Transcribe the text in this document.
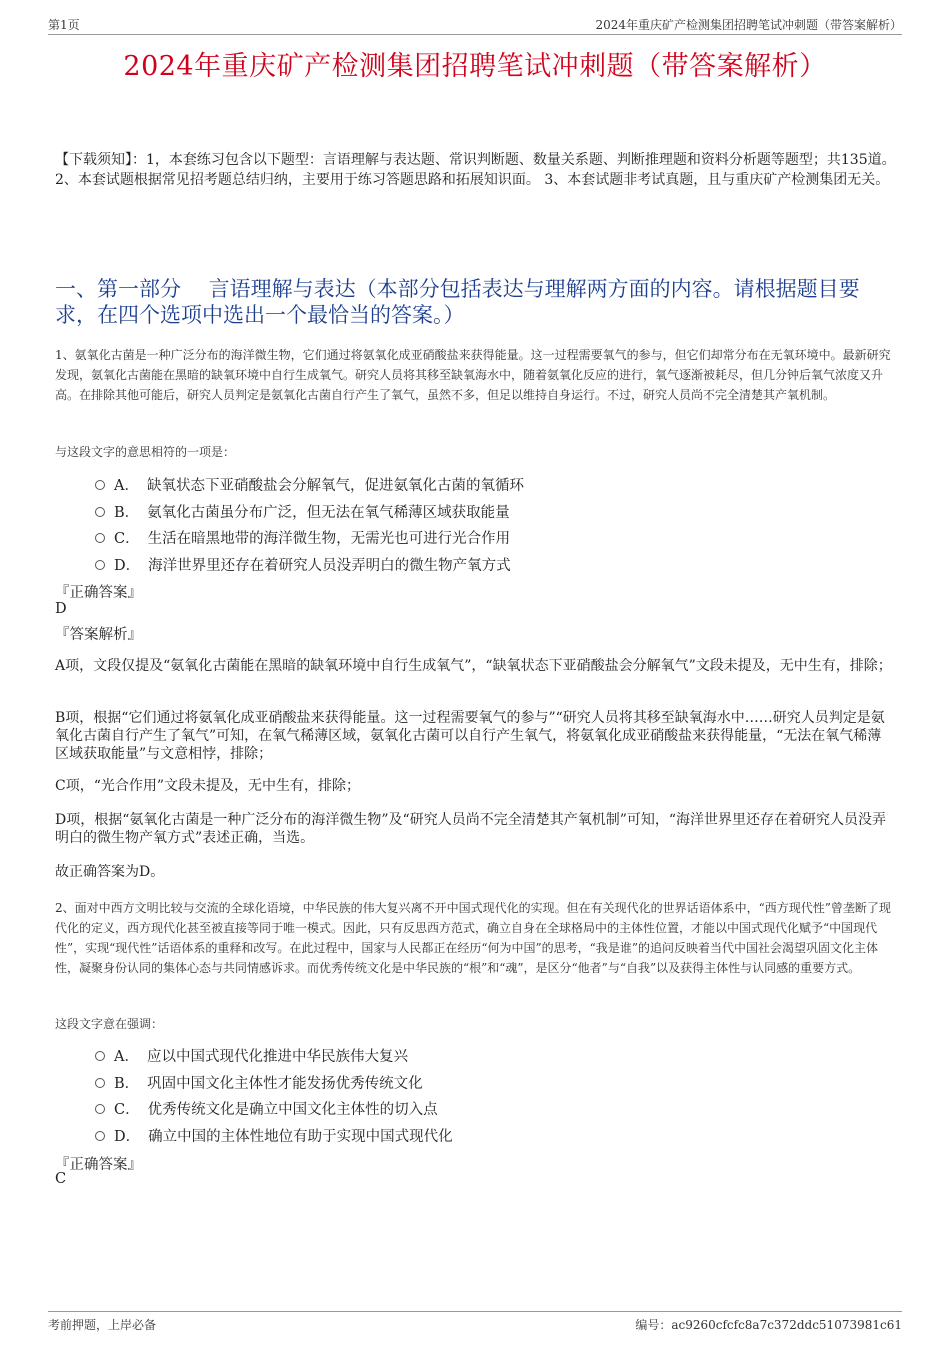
第1页	2024年重庆矿产检测集团招聘笔试冲刺题（带答案解析）
2024年重庆矿产检测集团招聘笔试冲刺题（带答案解析）
【下载须知】：1，本套练习包含以下题型：言语理解与表达题、常识判断题、数量关系题、判断推理题和资料分析题等题型；共135道。 2、本套试题根据常见招考题总结归纳，主要用于练习答题思路和拓展知识面。 3、本套试题非考试真题，且与重庆矿产检测集团无关。
一、第一部分　 言语理解与表达（本部分包括表达与理解两方面的内容。请根据题目要求，在四个选项中选出一个最恰当的答案。）
1、氨氧化古菌是一种广泛分布的海洋微生物，它们通过将氨氧化成亚硝酸盐来获得能量。这一过程需要氧气的参与，但它们却常分布在无氧环境中。最新研究发现，氨氧化古菌能在黑暗的缺氧环境中自行生成氧气。研究人员将其移至缺氧海水中，随着氨氧化反应的进行，氧气逐渐被耗尽，但几分钟后氧气浓度又升高。在排除其他可能后，研究人员判定是氨氧化古菌自行产生了氧气，虽然不多，但足以维持自身运行。不过，研究人员尚不完全清楚其产氧机制。
与这段文字的意思相符的一项是：
A． 缺氧状态下亚硝酸盐会分解氧气，促进氨氧化古菌的氧循环
B． 氨氧化古菌虽分布广泛，但无法在氧气稀薄区域获取能量
C． 生活在暗黑地带的海洋微生物，无需光也可进行光合作用
D． 海洋世界里还存在着研究人员没弄明白的微生物产氧方式
『正确答案』
D
『答案解析』
A项，文段仅提及“氨氧化古菌能在黑暗的缺氧环境中自行生成氧气”，“缺氧状态下亚硝酸盐会分解氧气”文段未提及，无中生有，排除；
B项，根据“它们通过将氨氧化成亚硝酸盐来获得能量。这一过程需要氧气的参与”“研究人员将其移至缺氧海水中……研究人员判定是氨氧化古菌自行产生了氧气”可知，在氧气稀薄区域，氨氧化古菌可以自行产生氧气，将氨氧化成亚硝酸盐来获得能量，“无法在氧气稀薄区域获取能量”与文意相悖，排除；
C项，“光合作用”文段未提及，无中生有，排除；
D项，根据“氨氧化古菌是一种广泛分布的海洋微生物”及“研究人员尚不完全清楚其产氧机制”可知，“海洋世界里还存在着研究人员没弄明白的微生物产氧方式”表述正确，当选。
故正确答案为D。
2、面对中西方文明比较与交流的全球化语境，中华民族的伟大复兴离不开中国式现代化的实现。但在有关现代化的世界话语体系中，“西方现代性”曾垄断了现代化的定义，西方现代化甚至被直接等同于唯一模式。因此，只有反思西方范式，确立自身在全球格局中的主体性位置，才能以中国式现代化赋予“中国现代性”，实现“现代性”话语体系的重释和改写。在此过程中，国家与人民都正在经历“何为中国”的思考，“我是谁”的追问反映着当代中国社会渴望巩固文化主体性，凝聚身份认同的集体心态与共同情感诉求。而优秀传统文化是中华民族的“根”和“魂”，是区分“他者”与“自我”以及获得主体性与认同感的重要方式。
这段文字意在强调：
A． 应以中国式现代化推进中华民族伟大复兴
B． 巩固中国文化主体性才能发扬优秀传统文化
C． 优秀传统文化是确立中国文化主体性的切入点
D． 确立中国的主体性地位有助于实现中国式现代化
『正确答案』
C
考前押题，上岸必备	编号：ac9260cfcfc8a7c372ddc51073981c61
